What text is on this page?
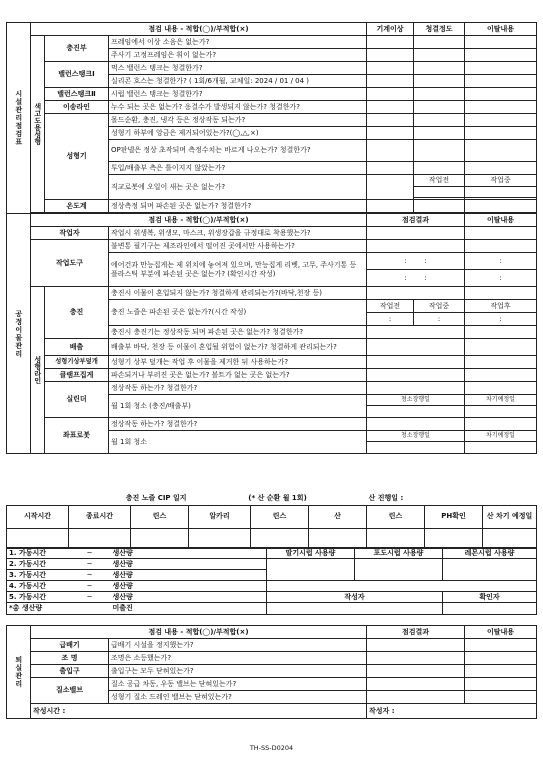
시설관리점검표	점검 내용 - 적합(◯)/부적합(×)			기계이상	청결정도	이탈내용
	색고도용성형	충진부	프레임에서 이상 소음은 없는가?			
			주사기 고정프레임은 휘이 없는가?			
		밸런스탱크Ⅰ	먹스 밸런스 탱크는 청결한가?			
			실리콘 호스는 청결한가? ( 1회/6개월, 교체일: 2024 / 01 / 04 )			
		밸런스탱크Ⅱ	시럽 밸런스 탱크는 청결한가?			
		이송라인	누수 되는 곳은 없는가? 응결수가 발생되지 않는가? 청결한가?			
		성형기	몰드순환, 충진, 냉각 등은 정상작동 되는가?			
			성형기 하부에 앙금은 제거되어있는가?(◯,△,×)			
			OP판넬은 정상 초작되며 측정수치는 바르게 나오는가? 청결한가?			
			투입/배출부 측은 틀이지지 않았는가?			
			직교로봇에 오일이 새는 곳은 없는가?		작업전	작업중

		온도계	정상측정 되며 파손된 곳은 없는가? 청결한가?			

공정이물관리	점검 내용 - 적합(◯)/부적합(×)			점검결과		이탈내용
	작업자		작업시 위생복, 위생모, 마스크, 위생장갑을 규정대로 착용했는가?			
	작업도구		불변통 필기구는 제조라인에서 떨어진 곳에서만 사용하는가?			
			에어건과 만능집게는 제 위치에 놓여져 있으며, 만능집게 리벳, 고무, 주사기통 등 플라스틱 부분에 파손된 곳은 없는가? (확인시간 작성)	: :		:
				: :		:
	성형라인	충진	충진시 이물이 혼입되지 않는가? 청결하게 관리되는가?(바닥,천장 등)			
			충진 노즐은 파손된 곳은 없는가?(시간 작성)	작업전	작업중	작업후
				:	:	:
			충진시 충진기는 정상작동 되며 파손된 곳은 없는가? 청결한가?			
		배출	배출부 바닥, 천장 등 이물이 혼입될 위험이 없는가? 청결하게 관리되는가?			
		성형기상부덮개	성형기 상부 덮개는 작업 후 이물을 제거한 뒤 사용하는가?			
		클램프집게	파손되거나 부러진 곳은 없는가? 볼트가 없는 곳은 없는가?			
		실린더	정상작동 하는가? 청결한가?			
			월 1회 청소 (충진/배출부)	청소장행일		차기예정일

		좌표로봇	정상작동 하는가? 청결한가?			
			월 1회 청소	청소장행일		차기예정일

충진 노즐 CIP 일지			(* 산 순환 월 1회)			산 진행일 :		
시작시간	종료시간	린스	알카리	린스	산	린스	PH확인	산 차기 예정일

1. 가동시간	~	생산량		딸기시럽 사용량	포도시럽 사용량	레몬시럽 사용량
2. 가동시간	~	생산량				
3. 가동시간	~	생산량				
4. 가동시간	~	생산량				
5. 가동시간	~	생산량		작성자		확인자
*총 생산량		미출진				
퇴실관리	점검 내용 - 적합(◯)/부적합(×)		점검결과	이탈내용
	급배기	급배기 시설을 정지했는가?		
	조 명	조명은 소등했는가?		
	출입구	출입구는 모두 닫혀있는가?		
	질소밸브	질소 공급 차동, 우동 밸브는 닫혀있는가?		
		성형기 질소 드레인 밸브는 닫혀있는가?		
	작성시간 :		작성자 :	
TH-SS-D0204
